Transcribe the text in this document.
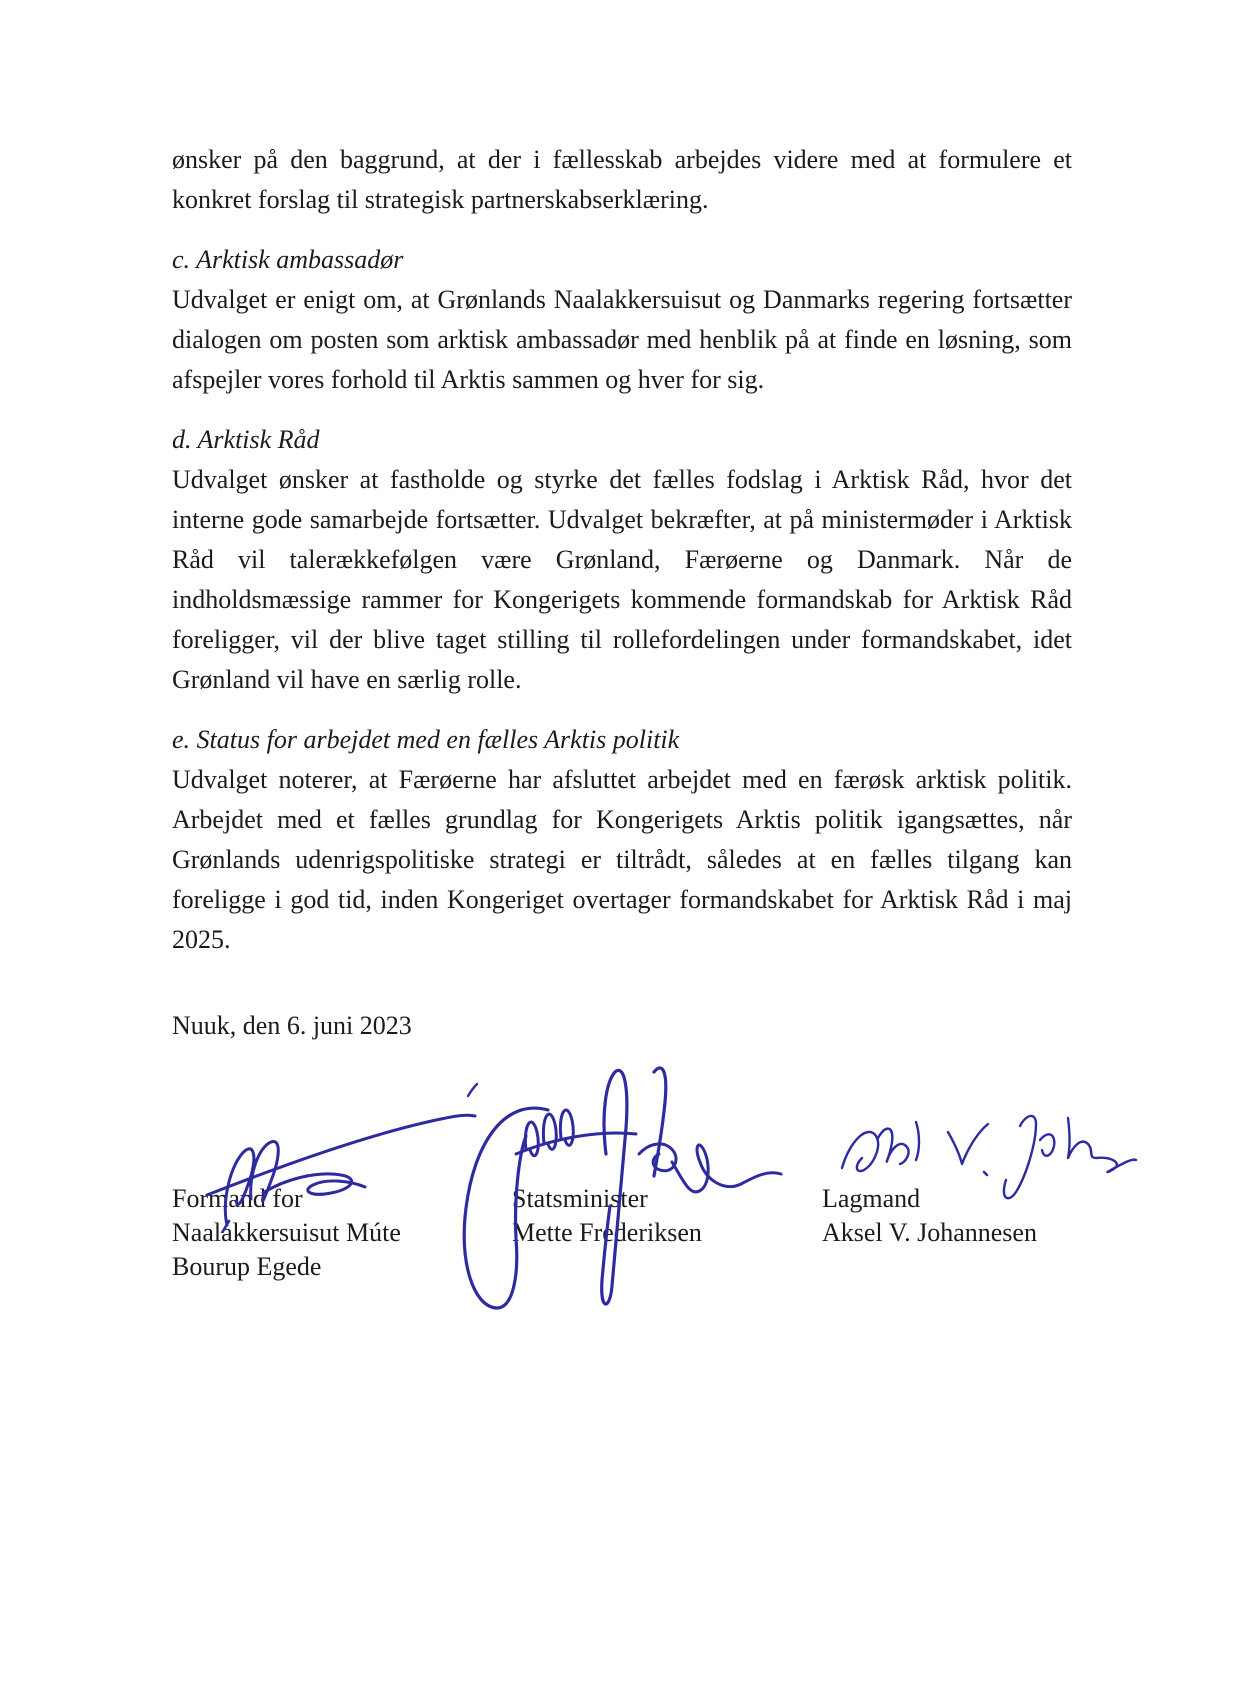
ønsker på den baggrund, at der i fællesskab arbejdes videre med at formulere et konkret forslag til strategisk partnerskabserklæring.

c. Arktisk ambassadør

Udvalget er enigt om, at Grønlands Naalakkersuisut og Danmarks regering fortsætter dialogen om posten som arktisk ambassadør med henblik på at finde en løsning, som afspejler vores forhold til Arktis sammen og hver for sig.

d. Arktisk Råd

Udvalget ønsker at fastholde og styrke det fælles fodslag i Arktisk Råd, hvor det interne gode samarbejde fortsætter. Udvalget bekræfter, at på ministermøder i Arktisk Råd vil talerækkefølgen være Grønland, Færøerne og Danmark. Når de indholdsmæssige rammer for Kongerigets kommende formandskab for Arktisk Råd foreligger, vil der blive taget stilling til rollefordelingen under formandskabet, idet Grønland vil have en særlig rolle.

e. Status for arbejdet med en fælles Arktis politik

Udvalget noterer, at Færøerne har afsluttet arbejdet med en færøsk arktisk politik. Arbejdet med et fælles grundlag for Kongerigets Arktis politik igangsættes, når Grønlands udenrigspolitiske strategi er tiltrådt, således at en fælles tilgang kan foreligge i god tid, inden Kongeriget overtager formandskabet for Arktisk Råd i maj 2025.

Nuuk, den 6. juni 2023
Formand for
Naalakkersuisut Múte
Bourup Egede
Statsminister
Mette Frederiksen
Lagmand
Aksel V. Johannesen
